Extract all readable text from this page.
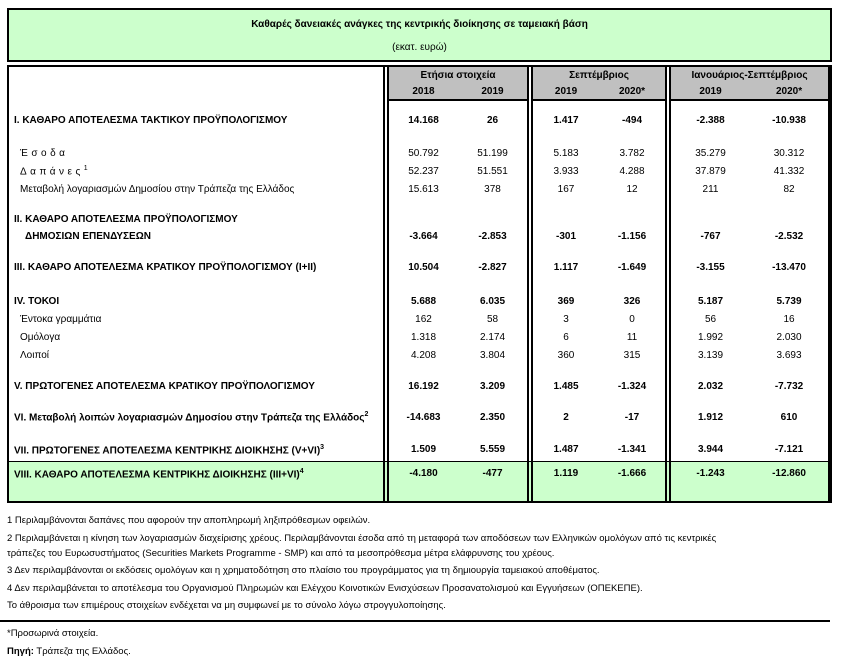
Καθαρές δανειακές ανάγκες της κεντρικής διοίκησης σε ταμειακή βάση
(εκατ. ευρώ)
		Ετήσια στοιχεία			Σεπτέμβριος			Ιανουάριος-Σεπτέμβριος	
		2018	2019		2019	2020*		2019	2020*

I. ΚΑΘΑΡΟ ΑΠΟΤΕΛΕΣΜΑ ΤΑΚΤΙΚΟΥ ΠΡΟΫΠΟΛΟΓΙΣΜΟΥ		14.168	26		1.417	-494		-2.388	-10.938

Έσοδα		50.792	51.199		5.183	3.782		35.279	30.312
Δαπάνες$^1$		52.237	51.551		3.933	4.288		37.879	41.332
Μεταβολή λογαριασμών Δημοσίου στην Τράπεζα της Ελλάδος		15.613	378		167	12		211	82

II. ΚΑΘΑΡΟ ΑΠΟΤΕΛΕΣΜΑ ΠΡΟΫΠΟΛΟΓΙΣΜΟΥ									
ΔΗΜΟΣΙΩΝ ΕΠΕΝΔΥΣΕΩΝ		-3.664	-2.853		-301	-1.156		-767	-2.532

III. ΚΑΘΑΡΟ ΑΠΟΤΕΛΕΣΜΑ ΚΡΑΤΙΚΟΥ ΠΡΟΫΠΟΛΟΓΙΣΜΟΥ (I+II)		10.504	-2.827		1.117	-1.649		-3.155	-13.470

IV. ΤΟΚΟΙ		5.688	6.035		369	326		5.187	5.739
Έντοκα γραμμάτια		162	58		3	0		56	16
Ομόλογα		1.318	2.174		6	11		1.992	2.030
Λοιποί		4.208	3.804		360	315		3.139	3.693

V. ΠΡΩΤΟΓΕΝΕΣ ΑΠΟΤΕΛΕΣΜΑ ΚΡΑΤΙΚΟΥ ΠΡΟΫΠΟΛΟΓΙΣΜΟΥ		16.192	3.209		1.485	-1.324		2.032	-7.732

VI. Μεταβολή λοιπών λογαριασμών Δημοσίου στην Τράπεζα της Ελλάδος$^2$		-14.683	2.350		2	-17		1.912	610

VII. ΠΡΩΤΟΓΕΝΕΣ ΑΠΟΤΕΛΕΣΜΑ ΚΕΝΤΡΙΚΗΣ ΔΙΟΙΚΗΣΗΣ $(V+VI)^3$		1.509	5.559		1.487	-1.341		3.944	-7.121
VIII. ΚΑΘΑΡΟ ΑΠΟΤΕΛΕΣΜΑ ΚΕΝΤΡΙΚΗΣ ΔΙΟΙΚΗΣΗΣ $(III+VI)^4$		-4.180	-477		1.119	-1.666		-1.243	-12.860

1 Περιλαμβάνονται δαπάνες που αφορούν την αποπληρωμή ληξιπρόθεσμων οφειλών.

2 Περιλαμβάνεται η κίνηση των λογαριασμών διαχείρισης χρέους. Περιλαμβάνονται έσοδα από τη μεταφορά των αποδόσεων των Ελληνικών ομολόγων από τις κεντρικές τράπεζες του Ευρωσυστήματος (Securities Markets Programme - SMP) και από τα μεσοπρόθεσμα μέτρα ελάφρυνσης του χρέους.

3 Δεν περιλαμβάνονται οι εκδόσεις ομολόγων και η χρηματοδότηση στο πλαίσιο του προγράμματος για τη δημιουργία ταμειακού αποθέματος.

4 Δεν περιλαμβάνεται το αποτέλεσμα του Οργανισμού Πληρωμών και Ελέγχου Κοινοτικών Ενισχύσεων Προσανατολισμού και Εγγυήσεων (ΟΠΕΚΕΠΕ).

Το άθροισμα των επιμέρους στοιχείων ενδέχεται να μη συμφωνεί με το σύνολο λόγω στρογγυλοποίησης.

*Προσωρινά στοιχεία.
Πηγή: Τράπεζα της Ελλάδος.
